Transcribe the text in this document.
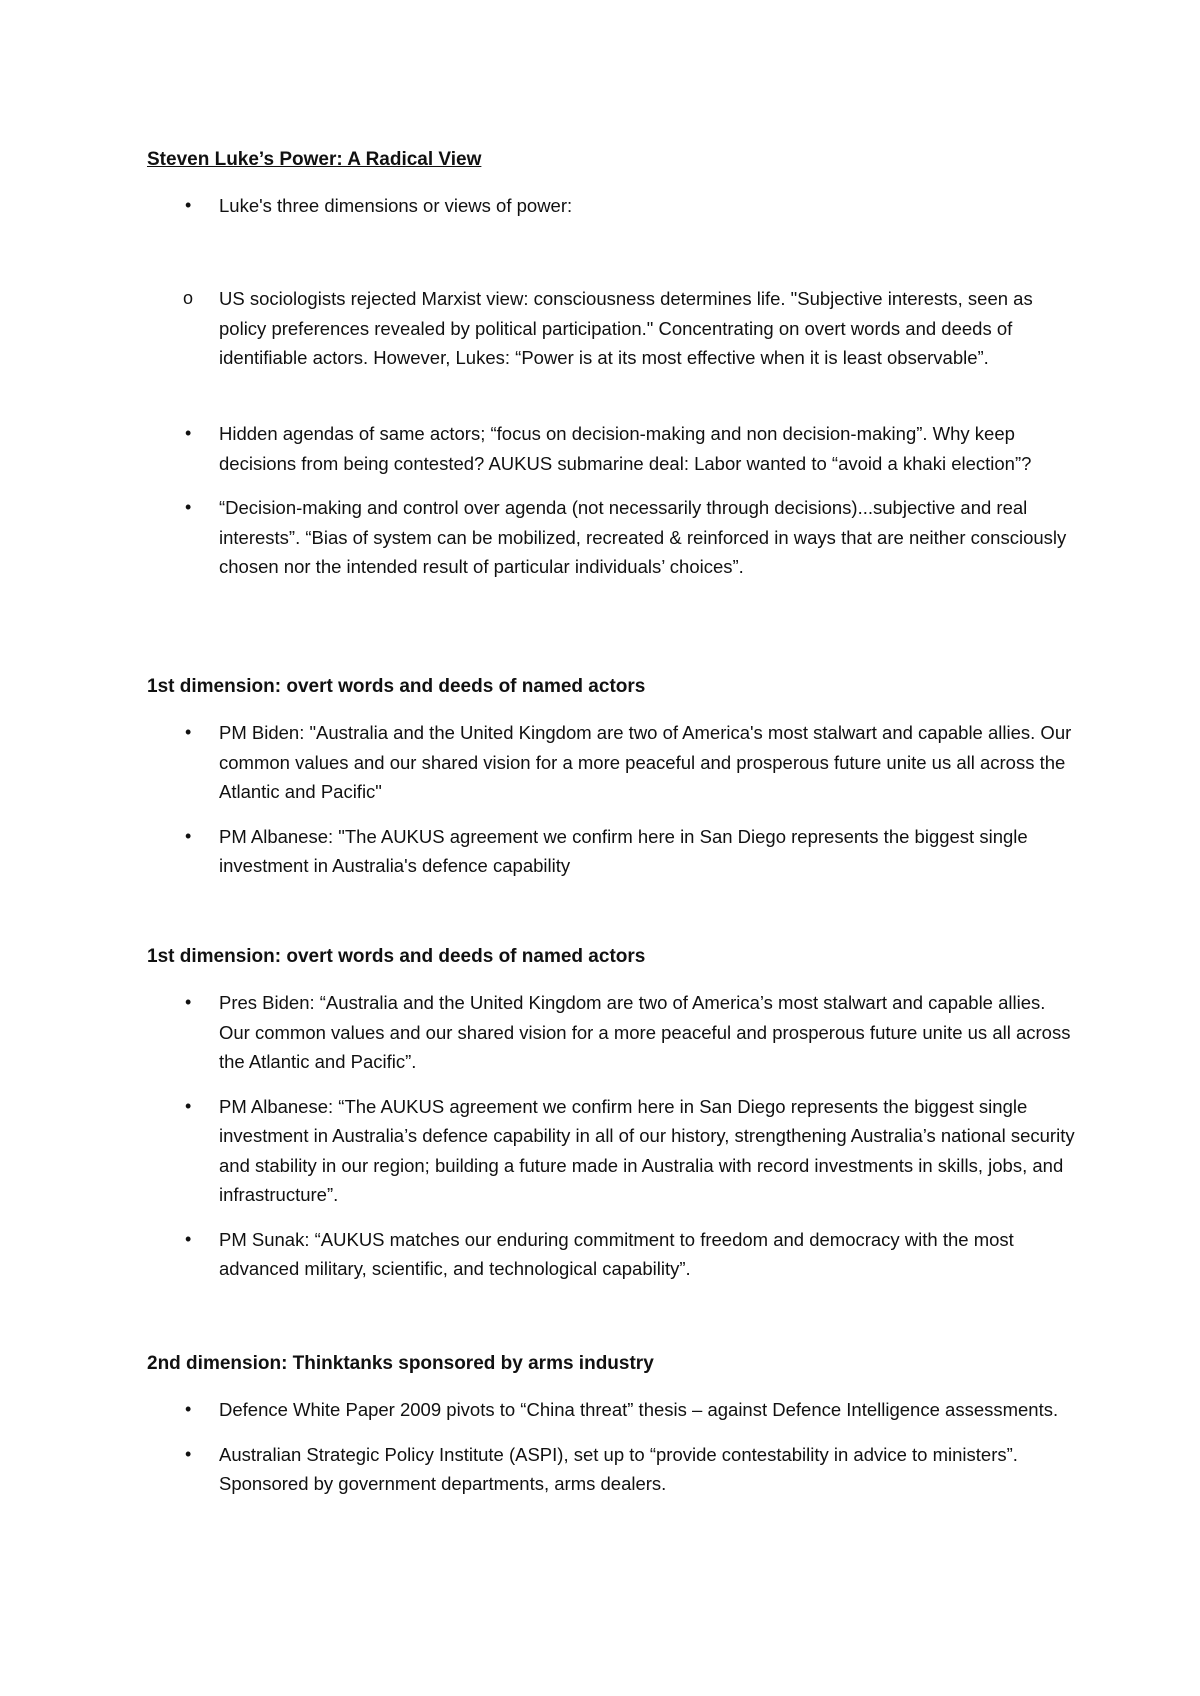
Steven Luke’s Power: A Radical View

• Luke's three dimensions or views of power:
o US sociologists rejected Marxist view: consciousness determines life. "Subjective interests, seen as policy preferences revealed by political participation." Concentrating on overt words and deeds of identifiable actors. However, Lukes: “Power is at its most effective when it is least observable”.
• Hidden agendas of same actors; “focus on decision-making and non decision-making”. Why keep decisions from being contested? AUKUS submarine deal: Labor wanted to “avoid a khaki election”?
• “Decision-making and control over agenda (not necessarily through decisions)...subjective and real interests”. “Bias of system can be mobilized, recreated & reinforced in ways that are neither consciously chosen nor the intended result of particular individuals’ choices”.

1st dimension: overt words and deeds of named actors

• PM Biden: "Australia and the United Kingdom are two of America's most stalwart and capable allies. Our common values and our shared vision for a more peaceful and prosperous future unite us all across the Atlantic and Pacific"
• PM Albanese: "The AUKUS agreement we confirm here in San Diego represents the biggest single investment in Australia's defence capability

1st dimension: overt words and deeds of named actors

• Pres Biden: “Australia and the United Kingdom are two of America’s most stalwart and capable allies. Our common values and our shared vision for a more peaceful and prosperous future unite us all across the Atlantic and Pacific”.
• PM Albanese: “The AUKUS agreement we confirm here in San Diego represents the biggest single investment in Australia’s defence capability in all of our history, strengthening Australia’s national security and stability in our region; building a future made in Australia with record investments in skills, jobs, and infrastructure”.
• PM Sunak: “AUKUS matches our enduring commitment to freedom and democracy with the most advanced military, scientific, and technological capability”.

2nd dimension: Thinktanks sponsored by arms industry

• Defence White Paper 2009 pivots to “China threat” thesis – against Defence Intelligence assessments.
• Australian Strategic Policy Institute (ASPI), set up to “provide contestability in advice to ministers”. Sponsored by government departments, arms dealers.
